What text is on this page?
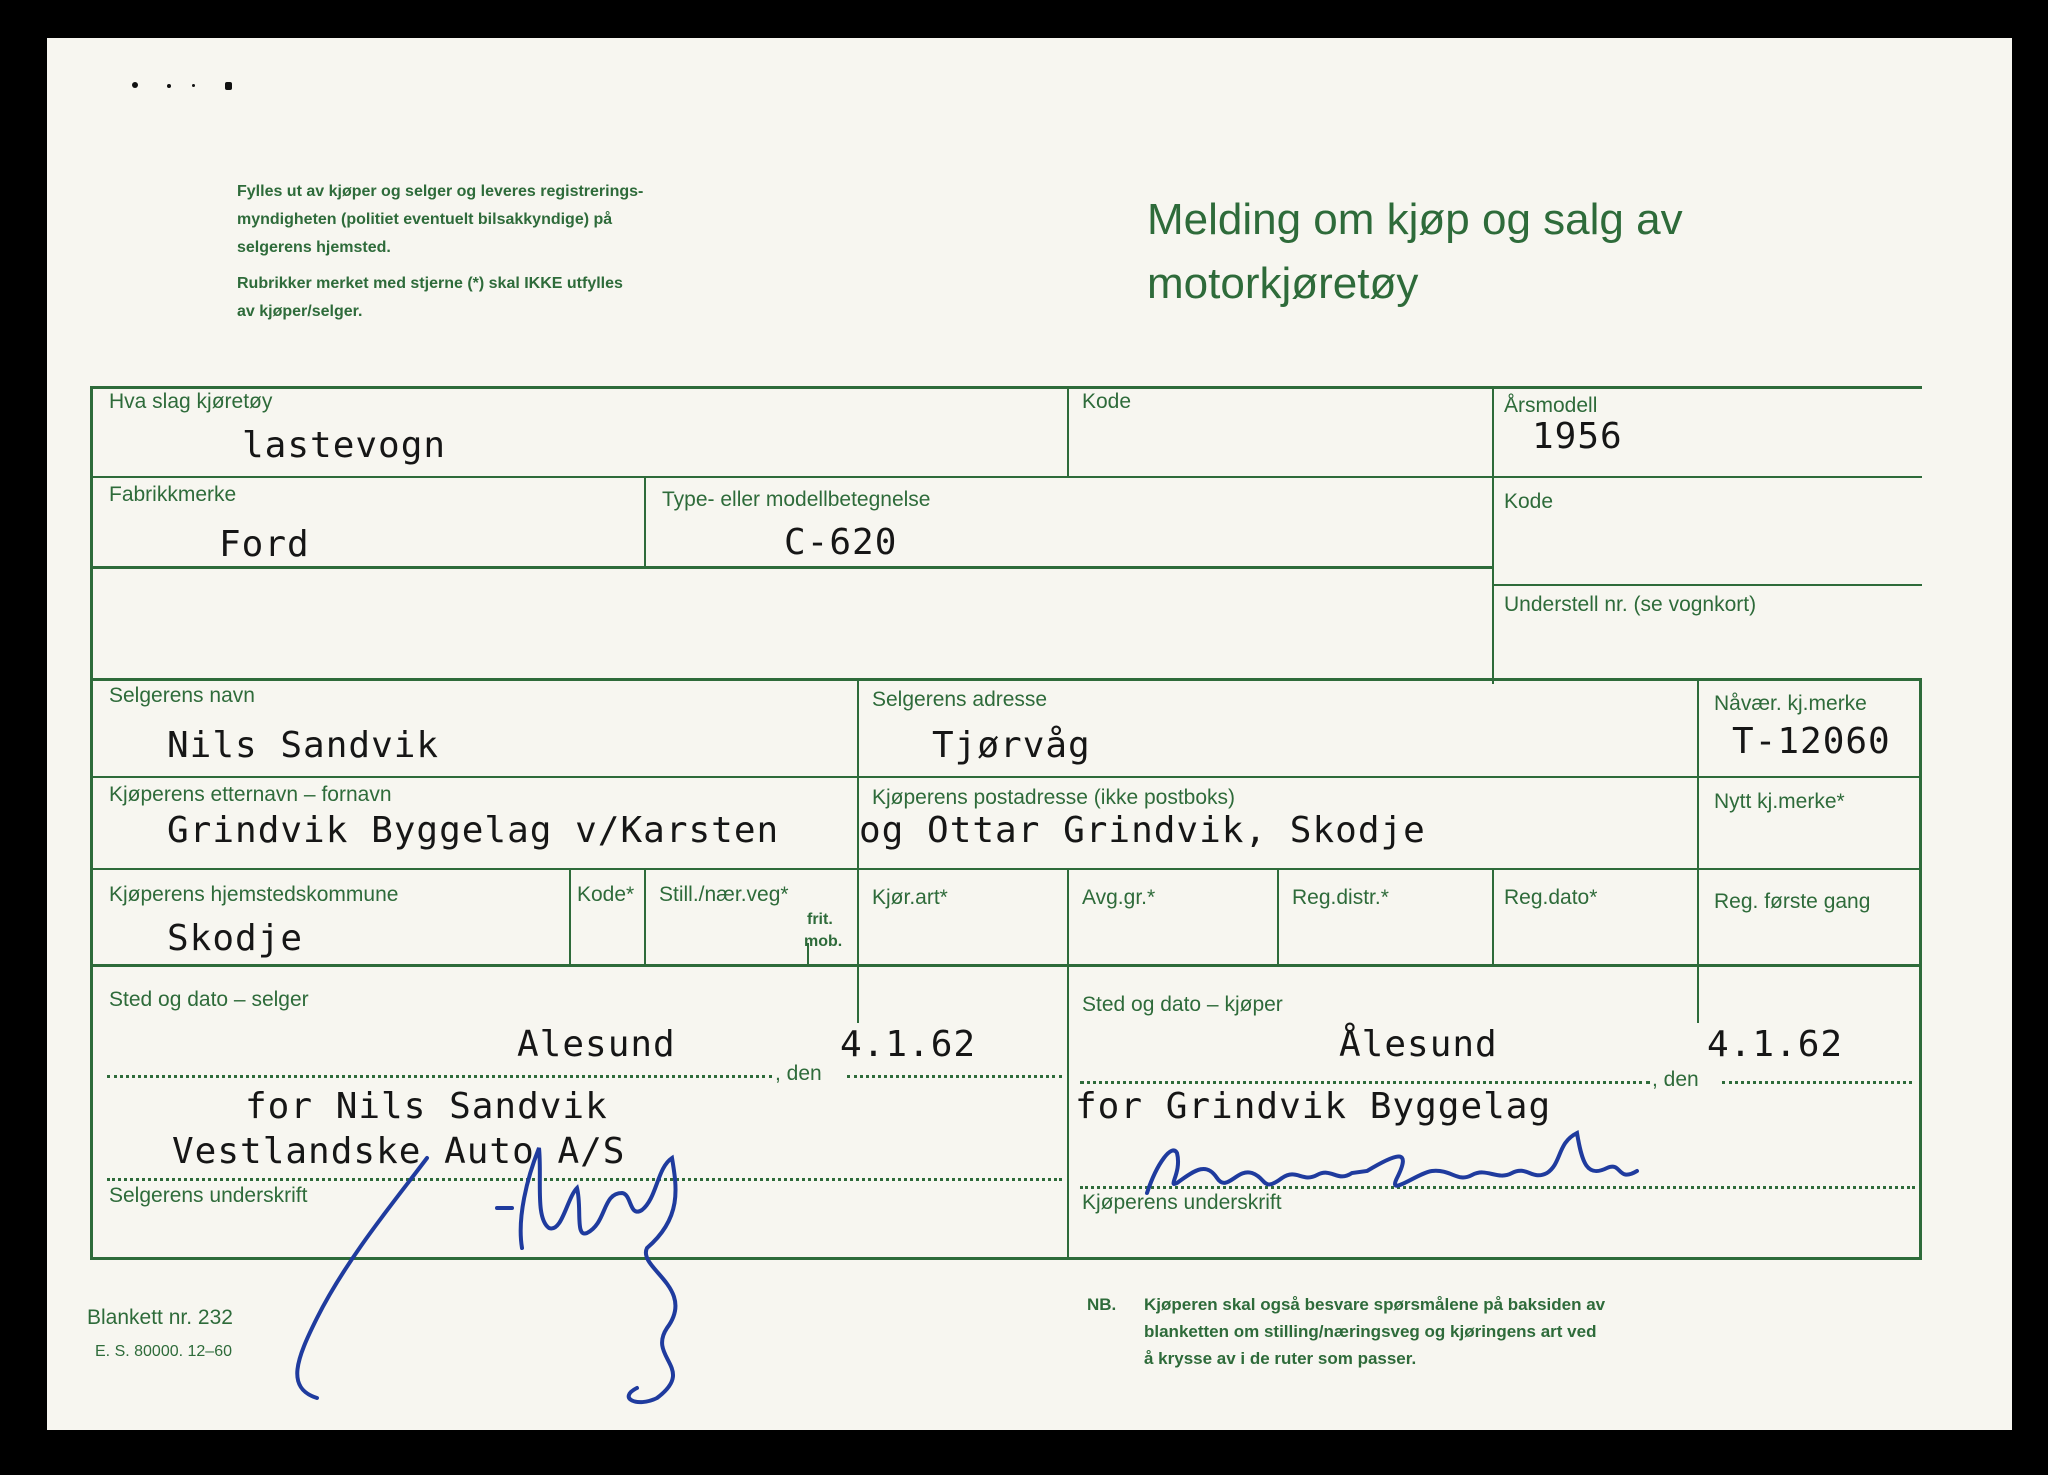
Fylles ut av kjøper og selger og leveres registrerings-
myndigheten (politiet eventuelt bilsakkyndige) på
selgerens hjemsted.
Rubrikker merket med stjerne (*) skal IKKE utfylles
av kjøper/selger.
Melding om kjøp og salg av
motorkjøretøy
Hva slag kjøretøy
lastevogn
Kode	Årsmodell
1956
Fabrikkmerke
Ford
Type- eller modellbetegnelse
C-620
Kode
Understell nr. (se vognkort)
Selgerens navn
Nils Sandvik
Selgerens adresse
Tjørvåg
Nåvær. kj.merke
T-12060
Kjøperens etternavn – fornavn
Grindvik Byggelag v/Karsten
Kjøperens postadresse (ikke postboks)
og Ottar Grindvik, Skodje
Nytt kj.merke*
Kjøperens hjemstedskommune
Skodje
Kode* Still./nær.veg*
frit.
mob.
Kjør.art*	Avg.gr.*	Reg.distr.*	Reg.dato*	Reg. første gang
Sted og dato – selger
Alesund	4.1.62
, den
for Nils Sandvik
Vestlandske Auto A/S
Selgerens underskrift
Sted og dato – kjøper
Ålesund	4.1.62
, den
for Grindvik Byggelag
Kjøperens underskrift
Blankett nr. 232
E. S. 80000. 12–60
NB. Kjøperen skal også besvare spørsmålene på baksiden av
blanketten om stilling/næringsveg og kjøringens art ved
å krysse av i de ruter som passer.
